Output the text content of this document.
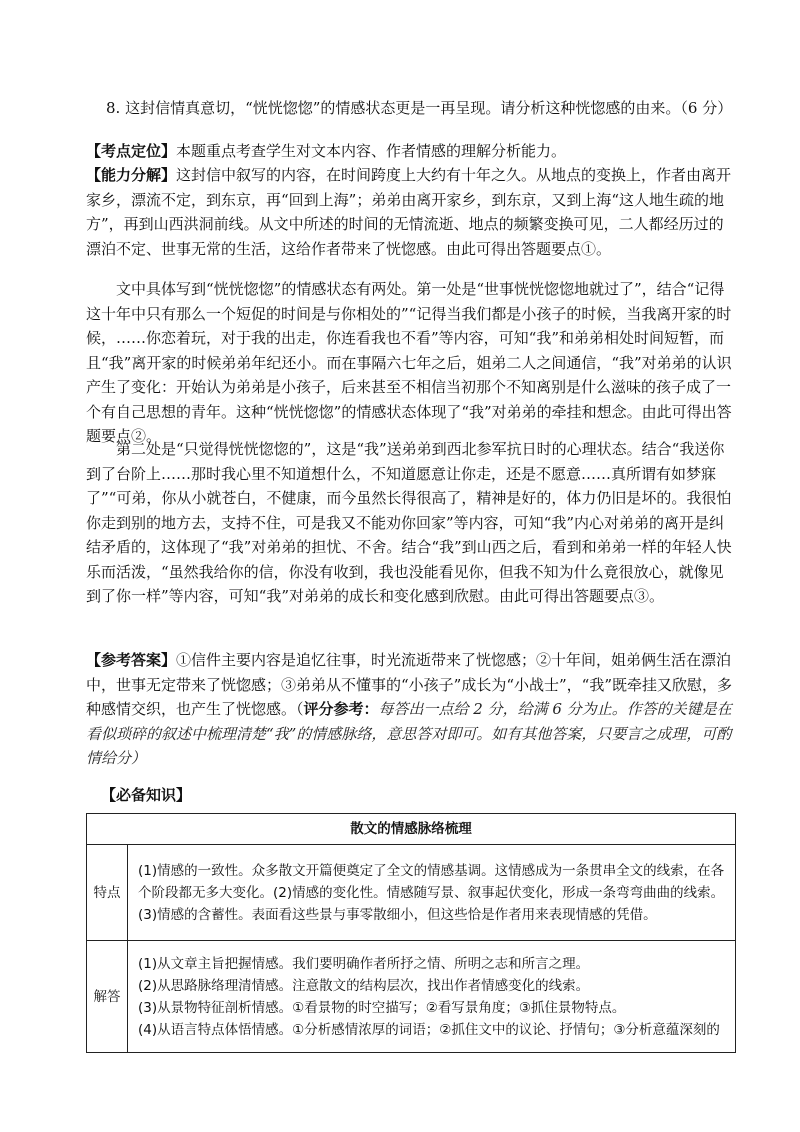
8. 这封信情真意切，“恍恍惚惚”的情感状态更是一再呈现。请分析这种恍惚感的由来。（6 分）
【考点定位】本题重点考查学生对文本内容、作者情感的理解分析能力。
【能力分解】这封信中叙写的内容，在时间跨度上大约有十年之久。从地点的变换上，作者由离开家乡，漂流不定，到东京，再“回到上海”；弟弟由离开家乡，到东京，又到上海“这人地生疏的地方”，再到山西洪洞前线。从文中所述的时间的无情流逝、地点的频繁变换可见，二人都经历过的漂泊不定、世事无常的生活，这给作者带来了恍惚感。由此可得出答题要点①。
文中具体写到“恍恍惚惚”的情感状态有两处。第一处是“世事恍恍惚惚地就过了”，结合“记得这十年中只有那么一个短促的时间是与你相处的”“记得当我们都是小孩子的时候，当我离开家的时候，……你恋着玩，对于我的出走，你连看我也不看”等内容，可知“我”和弟弟相处时间短暂，而且“我”离开家的时候弟弟年纪还小。而在事隔六七年之后，姐弟二人之间通信，“我”对弟弟的认识产生了变化：开始认为弟弟是小孩子，后来甚至不相信当初那个不知离别是什么滋味的孩子成了一个有自己思想的青年。这种“恍恍惚惚”的情感状态体现了“我”对弟弟的牵挂和想念。由此可得出答题要点②。
第二处是“只觉得恍恍惚惚的”，这是“我”送弟弟到西北参军抗日时的心理状态。结合“我送你到了台阶上……那时我心里不知道想什么，不知道愿意让你走，还是不愿意……真所谓有如梦寐了”“可弟，你从小就苍白，不健康，而今虽然长得很高了，精神是好的，体力仍旧是坏的。我很怕你走到别的地方去，支持不住，可是我又不能劝你回家”等内容，可知“我”内心对弟弟的离开是纠结矛盾的，这体现了“我”对弟弟的担忧、不舍。结合“我”到山西之后，看到和弟弟一样的年轻人快乐而活泼，“虽然我给你的信，你没有收到，我也没能看见你，但我不知为什么竟很放心，就像见到了你一样”等内容，可知“我”对弟弟的成长和变化感到欣慰。由此可得出答题要点③。
【参考答案】①信件主要内容是追忆往事，时光流逝带来了恍惚感；②十年间，姐弟俩生活在漂泊中，世事无定带来了恍惚感；③弟弟从不懂事的“小孩子”成长为“小战士”，“我”既牵挂又欣慰，多种感情交织，也产生了恍惚感。（评分参考：每答出一点给 2 分，给满 6 分为止。作答的关键是在看似琐碎的叙述中梳理清楚“我”的情感脉络，意思答对即可。如有其他答案，只要言之成理，可酌情给分）
【必备知识】
散文的情感脉络梳理	
特点	(1)情感的一致性。众多散文开篇便奠定了全文的情感基调。这情感成为一条贯串全文的线索，在各个阶段都无多大变化。(2)情感的变化性。情感随写景、叙事起伏变化，形成一条弯弯曲曲的线索。(3)情感的含蓄性。表面看这些景与事零散细小，但这些恰是作者用来表现情感的凭借。
解答	(1)从文章主旨把握情感。我们要明确作者所抒之情、所明之志和所言之理。
(2)从思路脉络理清情感。注意散文的结构层次，找出作者情感变化的线索。
(3)从景物特征剖析情感。①看景物的时空描写；②看写景角度；③抓住景物特点。
(4)从语言特点体悟情感。①分析感情浓厚的词语；②抓住文中的议论、抒情句；③分析意蕴深刻的
